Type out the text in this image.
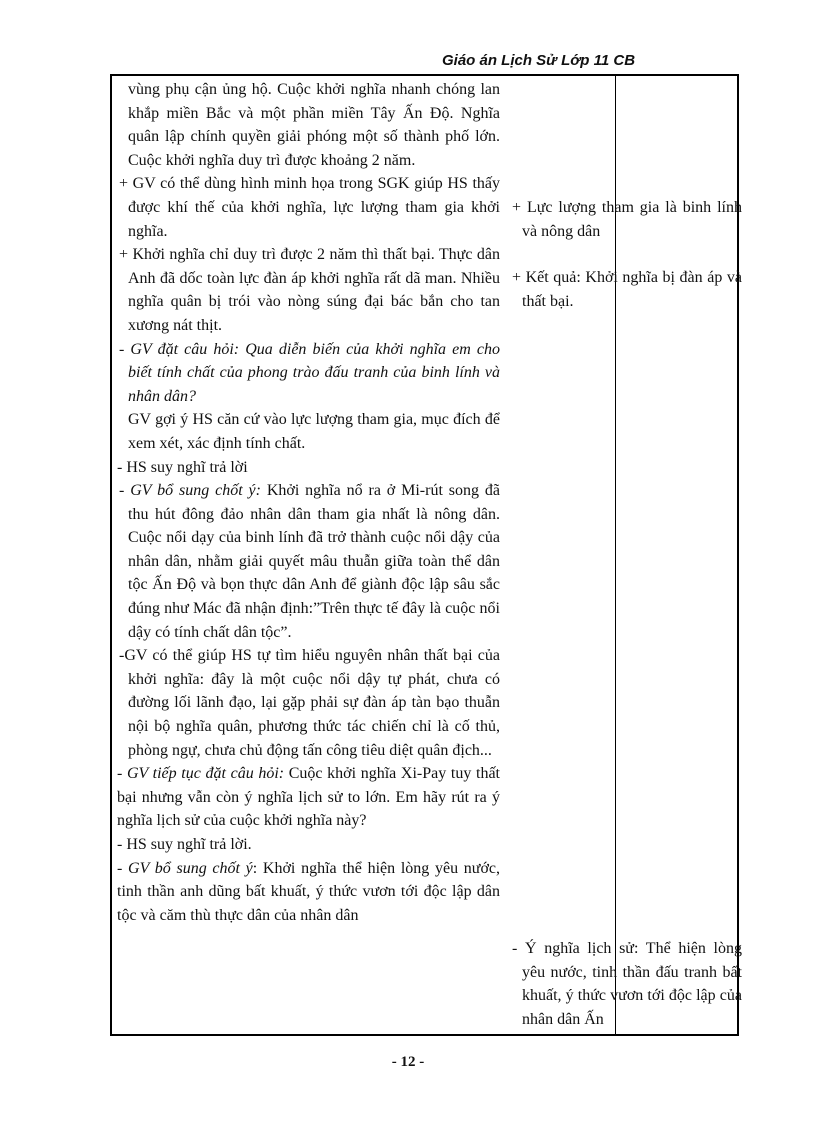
Giáo án Lịch Sử Lớp 11 CB
vùng phụ cận ủng hộ. Cuộc khởi nghĩa nhanh chóng lan khắp miền Bắc và một phần miền Tây Ấn Độ. Nghĩa quân lập chính quyền giải phóng một số thành phố lớn. Cuộc khởi nghĩa duy trì được khoảng 2 năm.
+ GV có thể dùng hình minh họa trong SGK giúp HS thấy được khí thế của khởi nghĩa, lực lượng tham gia khởi nghĩa.
+ Khởi nghĩa chỉ duy trì được 2 năm thì thất bại. Thực dân Anh đã dốc toàn lực đàn áp khởi nghĩa rất dã man. Nhiều nghĩa quân bị trói vào nòng súng đại bác bắn cho tan xương nát thịt.
- GV đặt câu hỏi: Qua diễn biến của khởi nghĩa em cho biết tính chất của phong trào đấu tranh của binh lính và nhân dân?
GV gợi ý HS căn cứ vào lực lượng tham gia, mục đích để xem xét, xác định tính chất.
- HS suy nghĩ trả lời
- GV bổ sung chốt ý: Khởi nghĩa nổ ra ở Mi-rút song đã thu hút đông đảo nhân dân tham gia nhất là nông dân. Cuộc nổi dạy của binh lính đã trở thành cuộc nổi dậy của nhân dân, nhằm giải quyết mâu thuẫn giữa toàn thể dân tộc Ấn Độ và bọn thực dân Anh để giành độc lập sâu sắc đúng như Mác đã nhận định:”Trên thực tế đây là cuộc nổi dậy có tính chất dân tộc”.
-GV có thể giúp HS tự tìm hiểu nguyên nhân thất bại của khởi nghĩa: đây là một cuộc nổi dậy tự phát, chưa có đường lối lãnh đạo, lại gặp phải sự đàn áp tàn bạo thuẫn nội bộ nghĩa quân, phương thức tác chiến chỉ là cố thủ, phòng ngự, chưa chủ động tấn công tiêu diệt quân địch...
- GV tiếp tục đặt câu hỏi: Cuộc khởi nghĩa Xi-Pay tuy thất bại nhưng vẫn còn ý nghĩa lịch sử to lớn. Em hãy rút ra ý nghĩa lịch sử của cuộc khởi nghĩa này?
- HS suy nghĩ trả lời.
- GV bổ sung chốt ý: Khởi nghĩa thể hiện lòng yêu nước, tinh thần anh dũng bất khuất, ý thức vươn tới độc lập dân tộc và căm thù thực dân của nhân dân
+ Lực lượng tham gia là binh lính và nông dân
+ Kết quả: Khởi nghĩa bị đàn áp và thất bại.
- Ý nghĩa lịch sử: Thể hiện lòng yêu nước, tinh thần đấu tranh bất khuất, ý thức vươn tới độc lập của nhân dân Ấn
- 12 -
